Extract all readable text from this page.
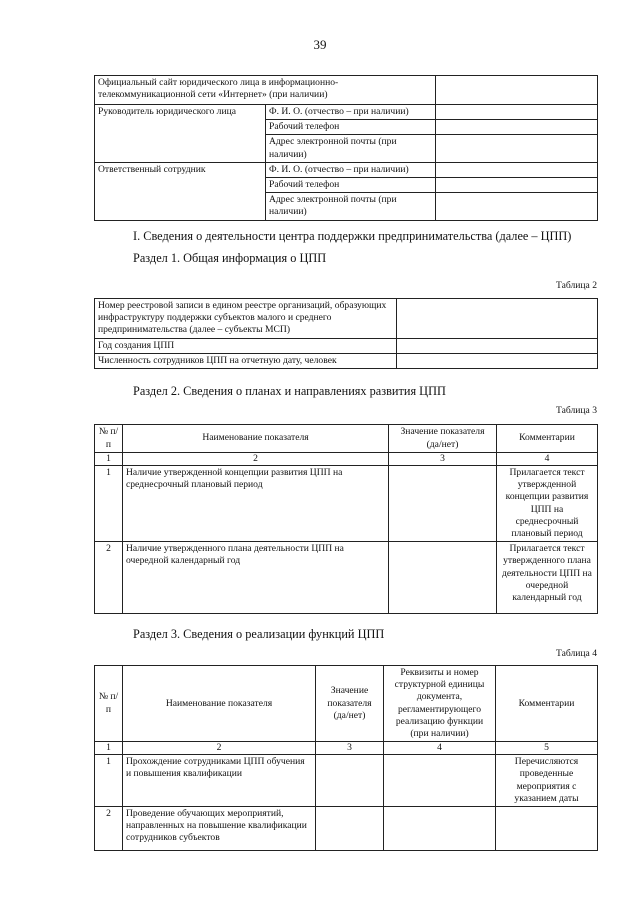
39
Официальный сайт юридического лица в информационно-телекоммуникационной сети «Интернет» (при наличии)		
Руководитель юридического лица	Ф. И. О. (отчество – при наличии)	
	Рабочий телефон	
	Адрес электронной почты (при наличии)	
Ответственный сотрудник	Ф. И. О. (отчество – при наличии)	
	Рабочий телефон	
	Адрес электронной почты (при наличии)	
I. Сведения о деятельности центра поддержки предпринимательства (далее – ЦПП)
Раздел 1. Общая информация о ЦПП
Таблица 2
Номер реестровой записи в едином реестре организаций, образующих инфраструктуру поддержки субъектов малого и среднего предпринимательства (далее – субъекты МСП)	
Год создания ЦПП	
Численность сотрудников ЦПП на отчетную дату, человек	
Раздел 2. Сведения о планах и направлениях развития ЦПП
Таблица 3
№ п/п	Наименование показателя	Значение показателя (да/нет)	Комментарии
1	2	3	4
1	Наличие утвержденной концепции развития ЦПП на среднесрочный плановый период		Прилагается текст утвержденной концепции развития ЦПП на среднесрочный плановый период
2	Наличие утвержденного плана деятельности ЦПП на очередной календарный год		Прилагается текст утвержденного плана деятельности ЦПП на очередной календарный год
Раздел 3. Сведения о реализации функций ЦПП
Таблица 4
№ п/п	Наименование показателя	Значение показателя (да/нет)	Реквизиты и номер структурной единицы документа, регламентирующего реализацию функции (при наличии)	Комментарии
1	2	3	4	5
1	Прохождение сотрудниками ЦПП обучения и повышения квалификации			Перечисляются проведенные мероприятия с указанием даты
2	Проведение обучающих мероприятий, направленных на повышение квалификации сотрудников субъектов			
